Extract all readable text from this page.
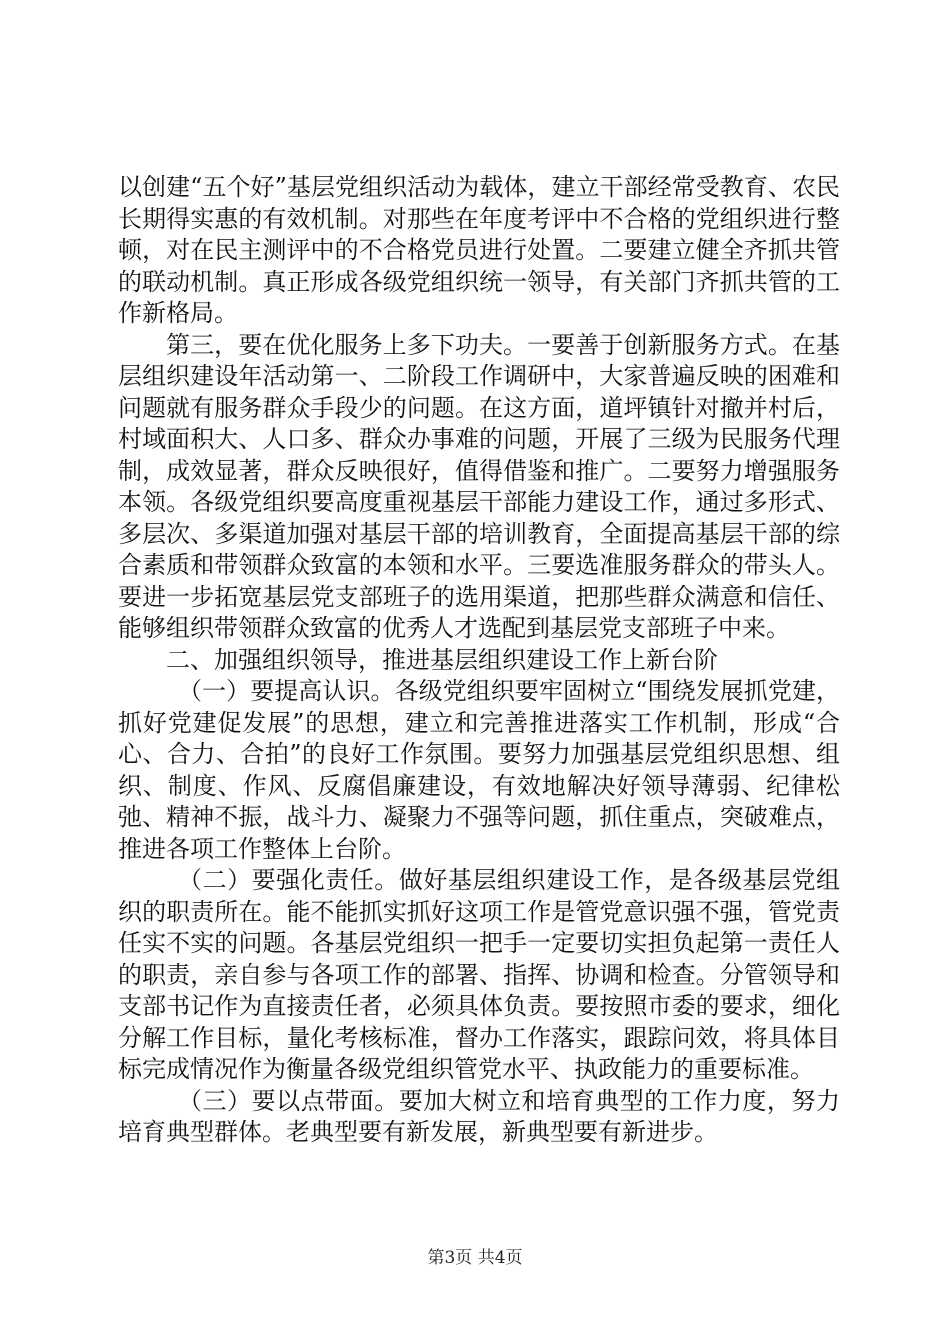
以创建“五个好”基层党组织活动为载体，建立干部经常受教育、农民长期得实惠的有效机制。对那些在年度考评中不合格的党组织进行整顿，对在民主测评中的不合格党员进行处置。二要建立健全齐抓共管的联动机制。真正形成各级党组织统一领导，有关部门齐抓共管的工作新格局。

第三，要在优化服务上多下功夫。一要善于创新服务方式。在基层组织建设年活动第一、二阶段工作调研中，大家普遍反映的困难和问题就有服务群众手段少的问题。在这方面，道坪镇针对撤并村后，村域面积大、人口多、群众办事难的问题，开展了三级为民服务代理制，成效显著，群众反映很好，值得借鉴和推广。二要努力增强服务本领。各级党组织要高度重视基层干部能力建设工作，通过多形式、多层次、多渠道加强对基层干部的培训教育，全面提高基层干部的综合素质和带领群众致富的本领和水平。三要选准服务群众的带头人。要进一步拓宽基层党支部班子的选用渠道，把那些群众满意和信任、能够组织带领群众致富的优秀人才选配到基层党支部班子中来。

二、加强组织领导，推进基层组织建设工作上新台阶

（一）要提高认识。各级党组织要牢固树立“围绕发展抓党建，抓好党建促发展”的思想，建立和完善推进落实工作机制，形成“合心、合力、合拍”的良好工作氛围。要努力加强基层党组织思想、组织、制度、作风、反腐倡廉建设，有效地解决好领导薄弱、纪律松弛、精神不振，战斗力、凝聚力不强等问题，抓住重点，突破难点，推进各项工作整体上台阶。

（二）要强化责任。做好基层组织建设工作，是各级基层党组织的职责所在。能不能抓实抓好这项工作是管党意识强不强，管党责任实不实的问题。各基层党组织一把手一定要切实担负起第一责任人的职责，亲自参与各项工作的部署、指挥、协调和检查。分管领导和支部书记作为直接责任者，必须具体负责。要按照市委的要求，细化分解工作目标，量化考核标准，督办工作落实，跟踪问效，将具体目标完成情况作为衡量各级党组织管党水平、执政能力的重要标准。

（三）要以点带面。要加大树立和培育典型的工作力度，努力培育典型群体。老典型要有新发展，新典型要有新进步。

第3页 共4页
